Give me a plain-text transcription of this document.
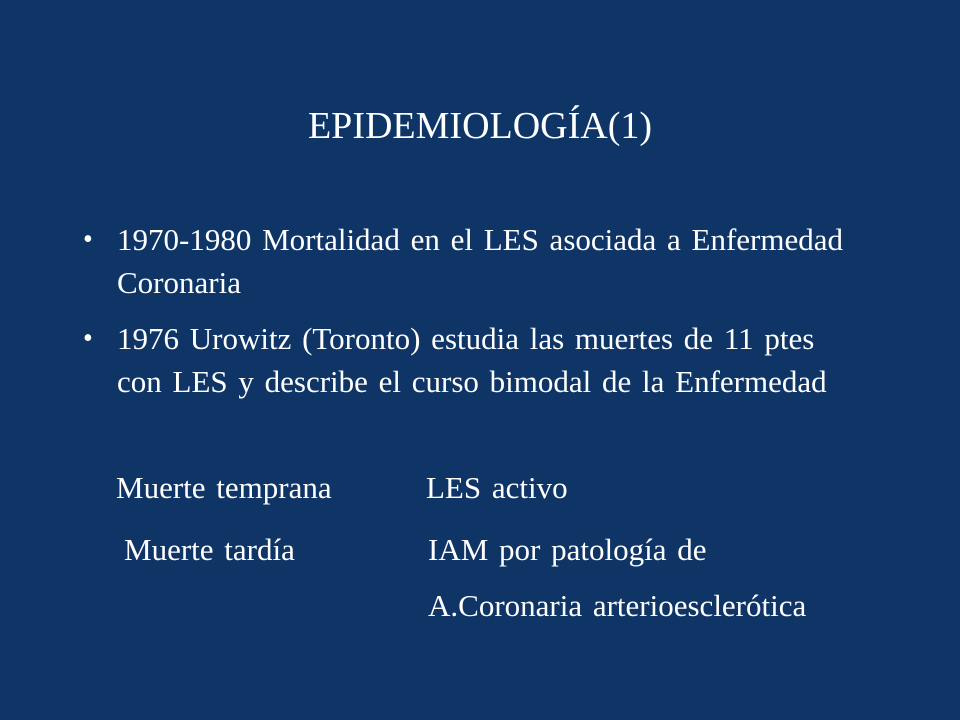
EPIDEMIOLOGÍA(1)
• 1970-1980 Mortalidad en el LES asociada a Enfermedad Coronaria
• 1976 Urowitz (Toronto) estudia las muertes de 11 ptes con LES y describe el curso bimodal de la Enfermedad
Muerte temprana	LES activo
Muerte tardía	IAM por patología de
A.Coronaria arterioesclerótica
